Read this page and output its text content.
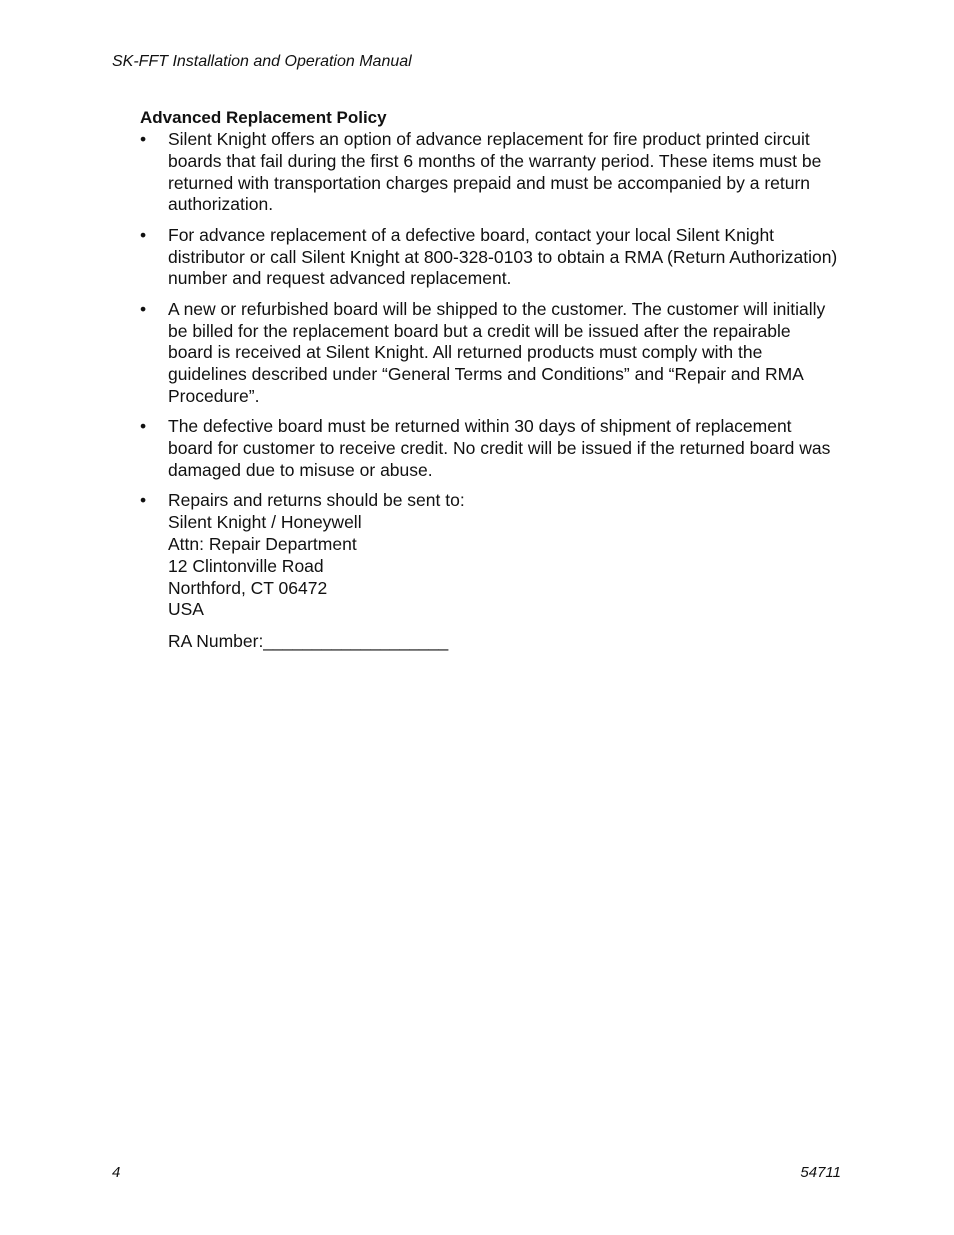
SK-FFT Installation and Operation Manual
Advanced Replacement Policy
• Silent Knight offers an option of advance replacement for fire product printed circuit boards that fail during the first 6 months of the warranty period. These items must be returned with transportation charges prepaid and must be accompanied by a return authorization.
• For advance replacement of a defective board, contact your local Silent Knight distributor or call Silent Knight at 800-328-0103 to obtain a RMA (Return Authorization) number and request advanced replacement.
• A new or refurbished board will be shipped to the customer. The customer will initially be billed for the replacement board but a credit will be issued after the repairable board is received at Silent Knight. All returned products must comply with the guidelines described under “General Terms and Conditions” and “Repair and RMA Procedure”.
• The defective board must be returned within 30 days of shipment of replacement board for customer to receive credit. No credit will be issued if the returned board was damaged due to misuse or abuse.
• Repairs and returns should be sent to:
Silent Knight / Honeywell
Attn: Repair Department
12 Clintonville Road
Northford, CT 06472
USA
RA Number:___________________
4	54711
